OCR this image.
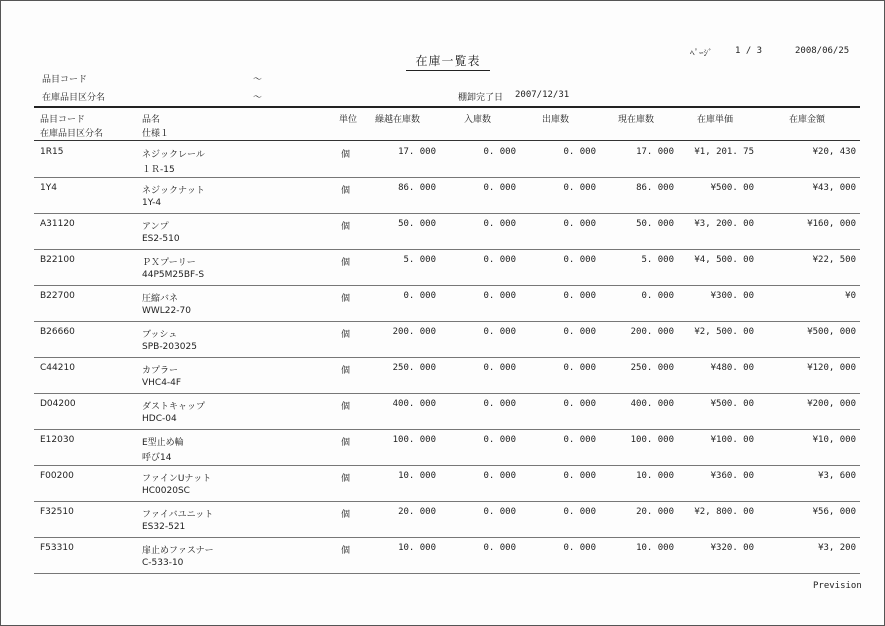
在庫一覧表	ﾍﾟｰｼﾞ 1 / 3	2008/06/25
品目コード	～
在庫品目区分名	～	棚卸完了日 2007/12/31
品目コード
在庫品目区分名
品名
仕様１
単位 繰越在庫数	入庫数	出庫数	現在庫数	在庫単価	在庫金額
1R15	ネジックレール
１Ｒ-15
個	17. 000	0. 000	0. 000	17. 000 ¥1, 201. 75	¥20, 430
1Y4	ネジックナット
1Y-4
個	86. 000	0. 000	0. 000	86. 000	¥500. 00	¥43, 000
A31120	アンプ
ES2-510
個	50. 000	0. 000	0. 000	50. 000 ¥3, 200. 00	¥160, 000
B22100	ＰＸプーリー
44P5M25BF-S
個	5. 000	0. 000	0. 000	5. 000 ¥4, 500. 00	¥22, 500
B22700	圧縮バネ
WWL22-70
個	0. 000	0. 000	0. 000	0. 000	¥300. 00	¥0
B26660	ブッシュ
SPB-203025
個	200. 000	0. 000	0. 000	200. 000 ¥2, 500. 00	¥500, 000
C44210	カプラー
VHC4-4F
個	250. 000	0. 000	0. 000	250. 000	¥480. 00	¥120, 000
D04200	ダストキャップ
HDC-04
個	400. 000	0. 000	0. 000	400. 000	¥500. 00	¥200, 000
E12030	E型止め輪
呼び14
個	100. 000	0. 000	0. 000	100. 000	¥100. 00	¥10, 000
F00200	ファインUナット
HC0020SC
個	10. 000	0. 000	0. 000	10. 000	¥360. 00	¥3, 600
F32510	ファイバユニット
ES32-521
個	20. 000	0. 000	0. 000	20. 000 ¥2, 800. 00	¥56, 000
F53310	扉止めファスナー
C-533-10
個	10. 000	0. 000	0. 000	10. 000	¥320. 00	¥3, 200
Prevision
